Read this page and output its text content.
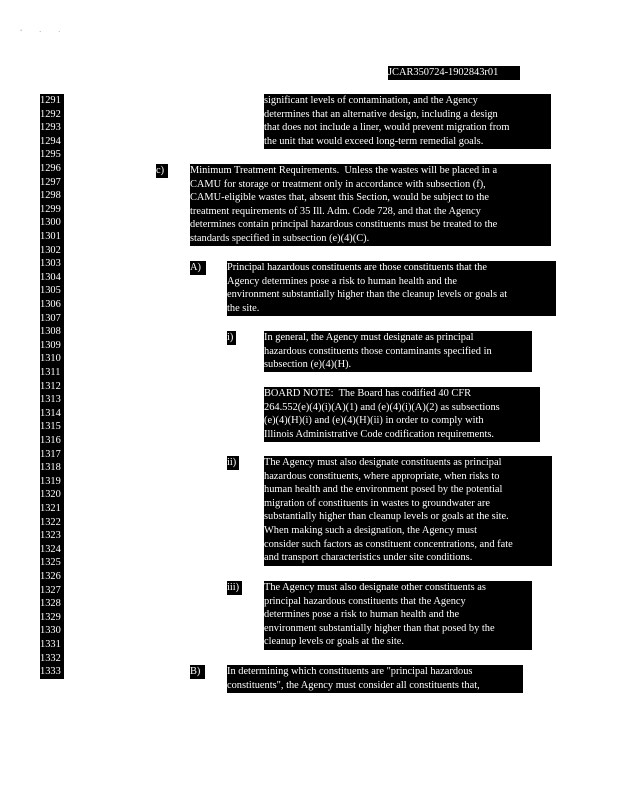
‘ · ·
JCAR350724-1902843r01
1291
1292
1293
1294
1295
1296
1297
1298
1299
1300
1301
1302
1303
1304
1305
1306
1307
1308
1309
1310
1311
1312
1313
1314
1315
1316
1317
1318
1319
1320
1321
1322
1323
1324
1325
1326
1327
1328
1329
1330
1331
1332
1333
significant levels of contamination, and the Agency
determines that an alternative design, including a design
that does not include a liner, would prevent migration from
the unit that would exceed long-term remedial goals.
c)	Minimum Treatment Requirements.  Unless the wastes will be placed in a
CAMU for storage or treatment only in accordance with subsection (f),
CAMU-eligible wastes that, absent this Section, would be subject to the
treatment requirements of 35 Ill. Adm. Code 728, and that the Agency
determines contain principal hazardous constituents must be treated to the
standards specified in subsection (e)(4)(C).
A)	Principal hazardous constituents are those constituents that the
Agency determines pose a risk to human health and the
environment substantially higher than the cleanup levels or goals at
the site.
i)	In general, the Agency must designate as principal
hazardous constituents those contaminants specified in
subsection (e)(4)(H).
BOARD NOTE:  The Board has codified 40 CFR
264.552(e)(4)(i)(A)(1) and (e)(4)(i)(A)(2) as subsections
(e)(4)(H)(i) and (e)(4)(H)(ii) in order to comply with
Illinois Administrative Code codification requirements.
ii)	The Agency must also designate constituents as principal
hazardous constituents, where appropriate, when risks to
human health and the environment posed by the potential
migration of constituents in wastes to groundwater are
substantially higher than cleanup levels or goals at the site.
When making such a designation, the Agency must
consider such factors as constituent concentrations, and fate
and transport characteristics under site conditions.
iii) The Agency must also designate other constituents as
principal hazardous constituents that the Agency
determines pose a risk to human health and the
environment substantially higher than that posed by the
cleanup levels or goals at the site.
B)	In determining which constituents are "principal hazardous
constituents", the Agency must consider all constituents that,
